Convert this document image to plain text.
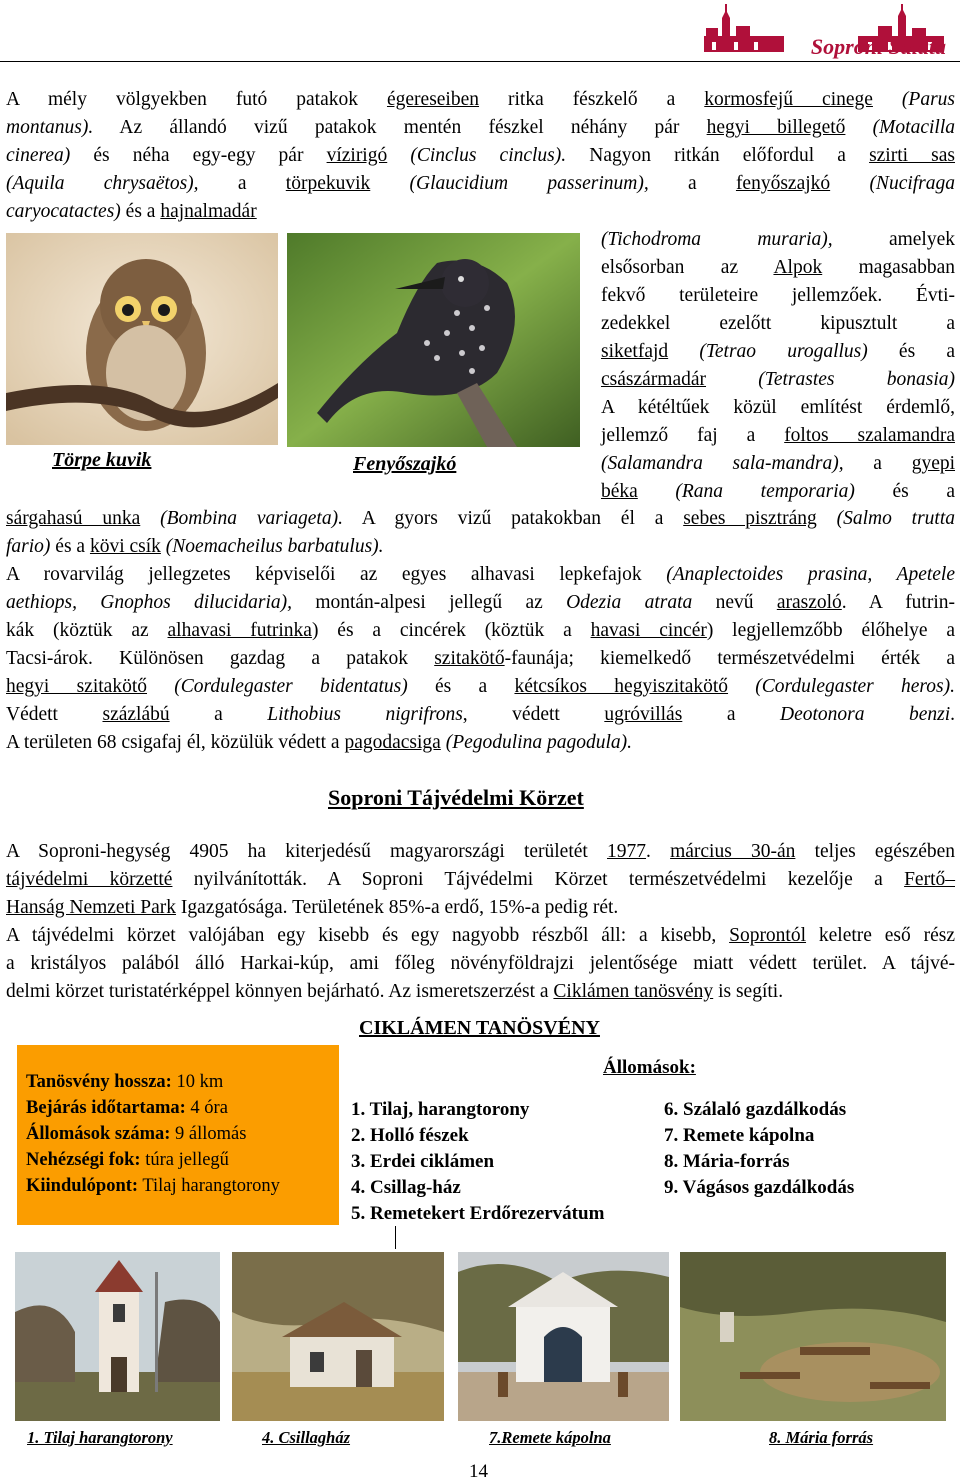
Soproni Saláta
A mély völgyekben futó patakok égereseiben ritka fészkelő a kormosfejű cinege (Parus
montanus). Az állandó vizű patakok mentén fészkel néhány pár hegyi billegető (Motacilla
cinerea) és néha egy-egy pár vízirigó (Cinclus cinclus). Nagyon ritkán előfordul a szirti sas
(Aquila chrysaëtos), a törpekuvik (Glaucidium passerinum), a fenyőszajkó (Nucifraga
caryocatactes) és a hajnalmadár
Törpe kuvik	Fenyőszajkó
(Tichodroma muraria), amelyek
elsősorban az Alpok magasabban
fekvő területeire jellemzőek. Évti-
zedekkel ezelőtt kipusztult a
siketfajd (Tetrao urogallus) és a
császármadár (Tetrastes bonasia)
A kétéltűek közül említést érdemlő,
jellemző faj a foltos szalamandra
(Salamandra sala-mandra), a gyepi
béka (Rana temporaria) és a
sárgahasú unka (Bombina variageta). A gyors vizű patakokban él a sebes pisztráng (Salmo trutta
fario) és a kövi csík (Noemacheilus barbatulus).
A rovarvilág jellegzetes képviselői az egyes alhavasi lepkefajok (Anaplectoides prasina, Apetele
aethiops, Gnophos dilucidaria), montán-alpesi jellegű az Odezia atrata nevű araszoló. A futrin-
kák (köztük az alhavasi futrinka) és a cincérek (köztük a havasi cincér) legjellemzőbb élőhelye a
Tacsi-árok. Különösen gazdag a patakok szitakötő-faunája; kiemelkedő természetvédelmi érték a
hegyi szitakötő (Cordulegaster bidentatus) és a kétcsíkos hegyiszitakötő (Cordulegaster heros).
Védett százlábú a Lithobius nigrifrons, védett ugróvillás a Deotonora benzi.
A területen 68 csigafaj él, közülük védett a pagodacsiga (Pegodulina pagodula).
Soproni Tájvédelmi Körzet
A Soproni-hegység 4905 ha kiterjedésű magyarországi területét 1977. március 30-án teljes egészében
tájvédelmi körzetté nyilvánították. A Soproni Tájvédelmi Körzet természetvédelmi kezelője a Fertő–
Hanság Nemzeti Park Igazgatósága. Területének 85%-a erdő, 15%-a pedig rét.
A tájvédelmi körzet valójában egy kisebb és egy nagyobb részből áll: a kisebb, Soprontól keletre eső rész
a kristályos palából álló Harkai-kúp, ami főleg növényföldrajzi jelentősége miatt védett terület. A tájvé-
delmi körzet turistatérképpel könnyen bejárható. Az ismeretszerzést a Ciklámen tanösvény is segíti.
CIKLÁMEN TANÖSVÉNY
Tanösvény hossza: 10 km
Bejárás időtartama: 4 óra
Állomások száma: 9 állomás
Nehézségi fok: túra jellegű
Kiindulópont: Tilaj harangtorony
Állomások:
1. Tilaj, harangtorony
2. Holló fészek
3. Erdei ciklámen
4. Csillag-ház
5. Remetekert Erdőrezervátum
6. Szálaló gazdálkodás
7. Remete kápolna
8. Mária-forrás
9. Vágásos gazdálkodás
1. Tilaj harangtorony	4. Csillagház	7.Remete kápolna	8. Mária forrás
14
